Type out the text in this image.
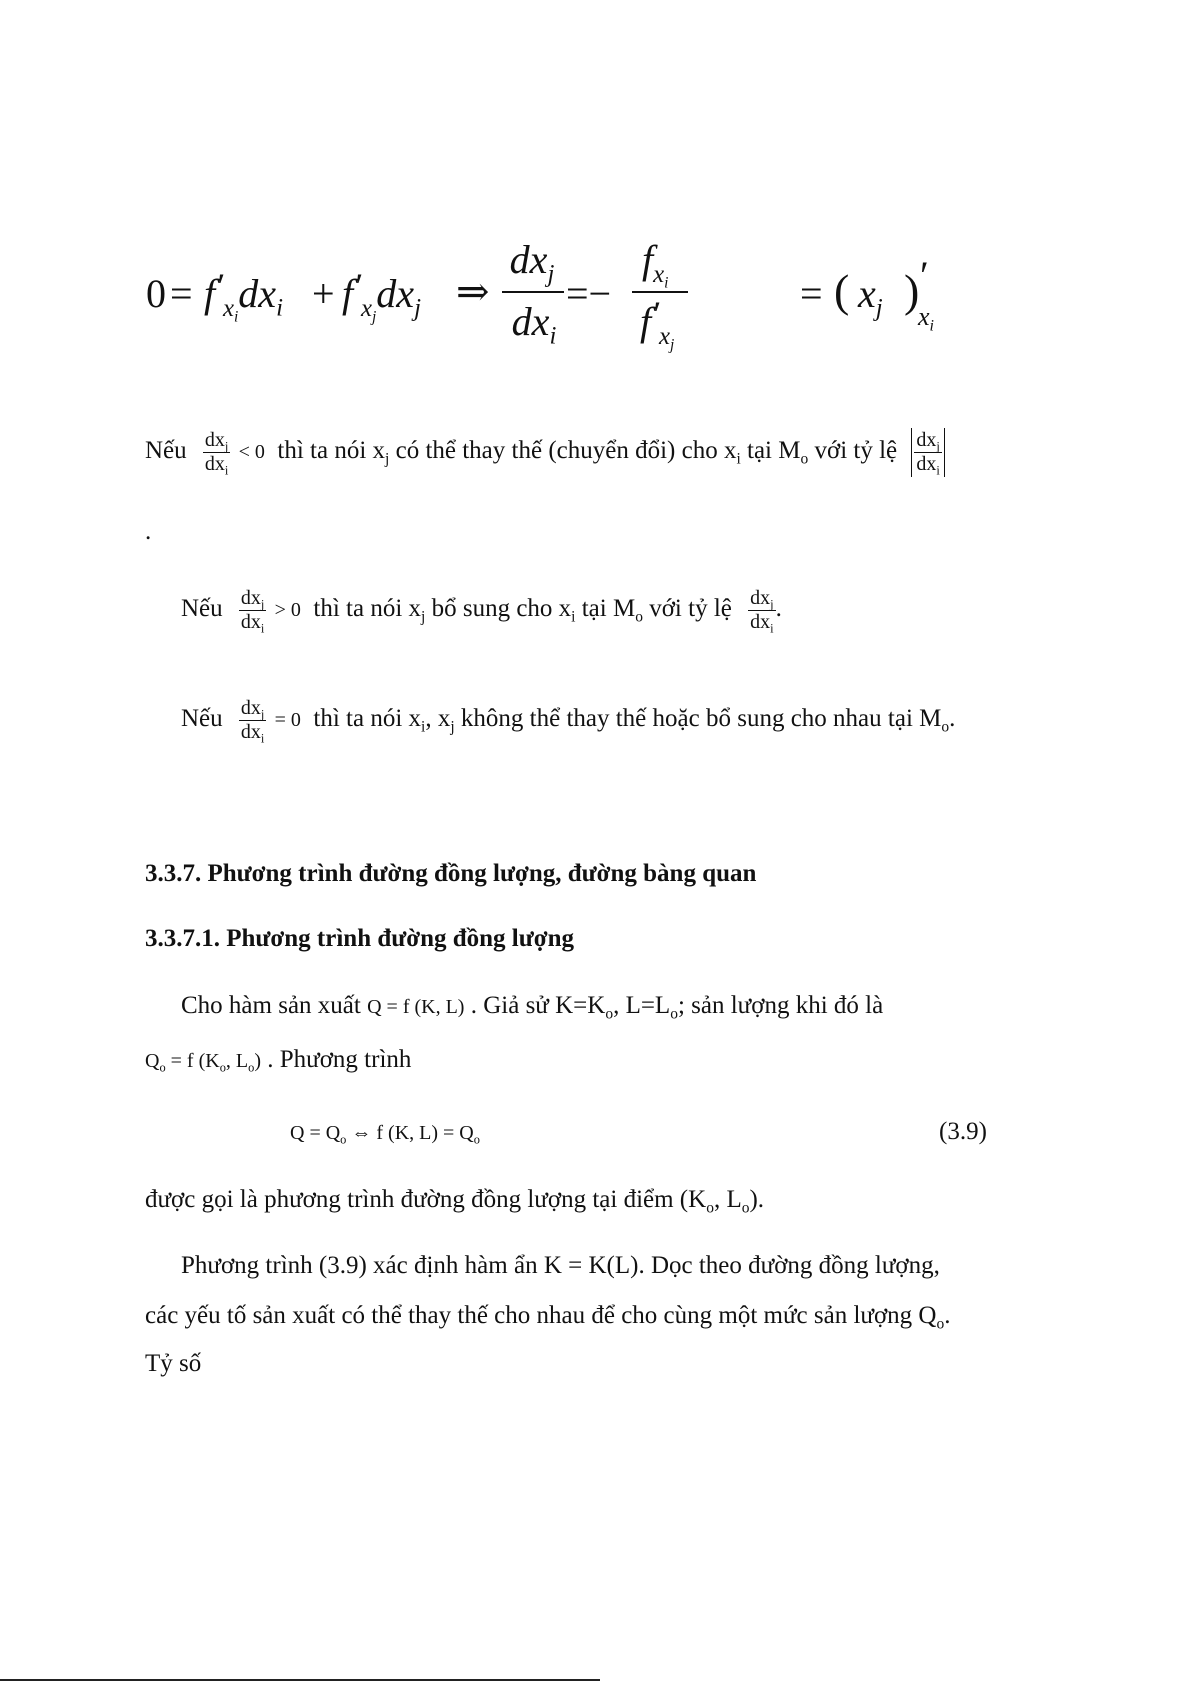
$0 = f'_{x_i}dx_i + f'_{x_j}dx_j$ ⇒
$dx_j$
$dx_i$
=−
$f_{x_i}$
$f'_{x_j}$
= ( $x_j$ ) ′
$x_i$
Nếu $\frac{dx_j}{dx_i} < 0$ thì ta nói $x_j$ có thể thay thế (chuyển đổi) cho $x_i$ tại $M_o$ với tỷ lệ $\frac{dx_j}{dx_i}$
.
Nếu $\frac{dx_j}{dx_i} > 0$ thì ta nói $x_j$ bổ sung cho $x_i$ tại $M_o$ với tỷ lệ $\frac{dx_j}{dx_i}$ .
Nếu $\frac{dx_j}{dx_i} = 0$ thì ta nói $x_i$, $x_j$ không thể thay thế hoặc bổ sung cho nhau tại $M_o$.
3.3.7. Phương trình đường đồng lượng, đường bàng quan
3.3.7.1. Phương trình đường đồng lượng
Cho hàm sản xuất Q = f (K, L) . Giả sử $K=K_o$, $L=L_o$; sản lượng khi đó là
$Q_o = f$ ($K_o$, $L_o$) . Phương trình
$Q = Q_o$ ⇔ f (K, $L) = Q_o$	(3.9)
được gọi là phương trình đường đồng lượng tại điểm ($K_o$, $L_o$).
Phương trình (3.9) xác định hàm ẩn K = K(L). Dọc theo đường đồng lượng,
các yếu tố sản xuất có thể thay thế cho nhau để cho cùng một mức sản lượng $Q_o$.
Tỷ số
